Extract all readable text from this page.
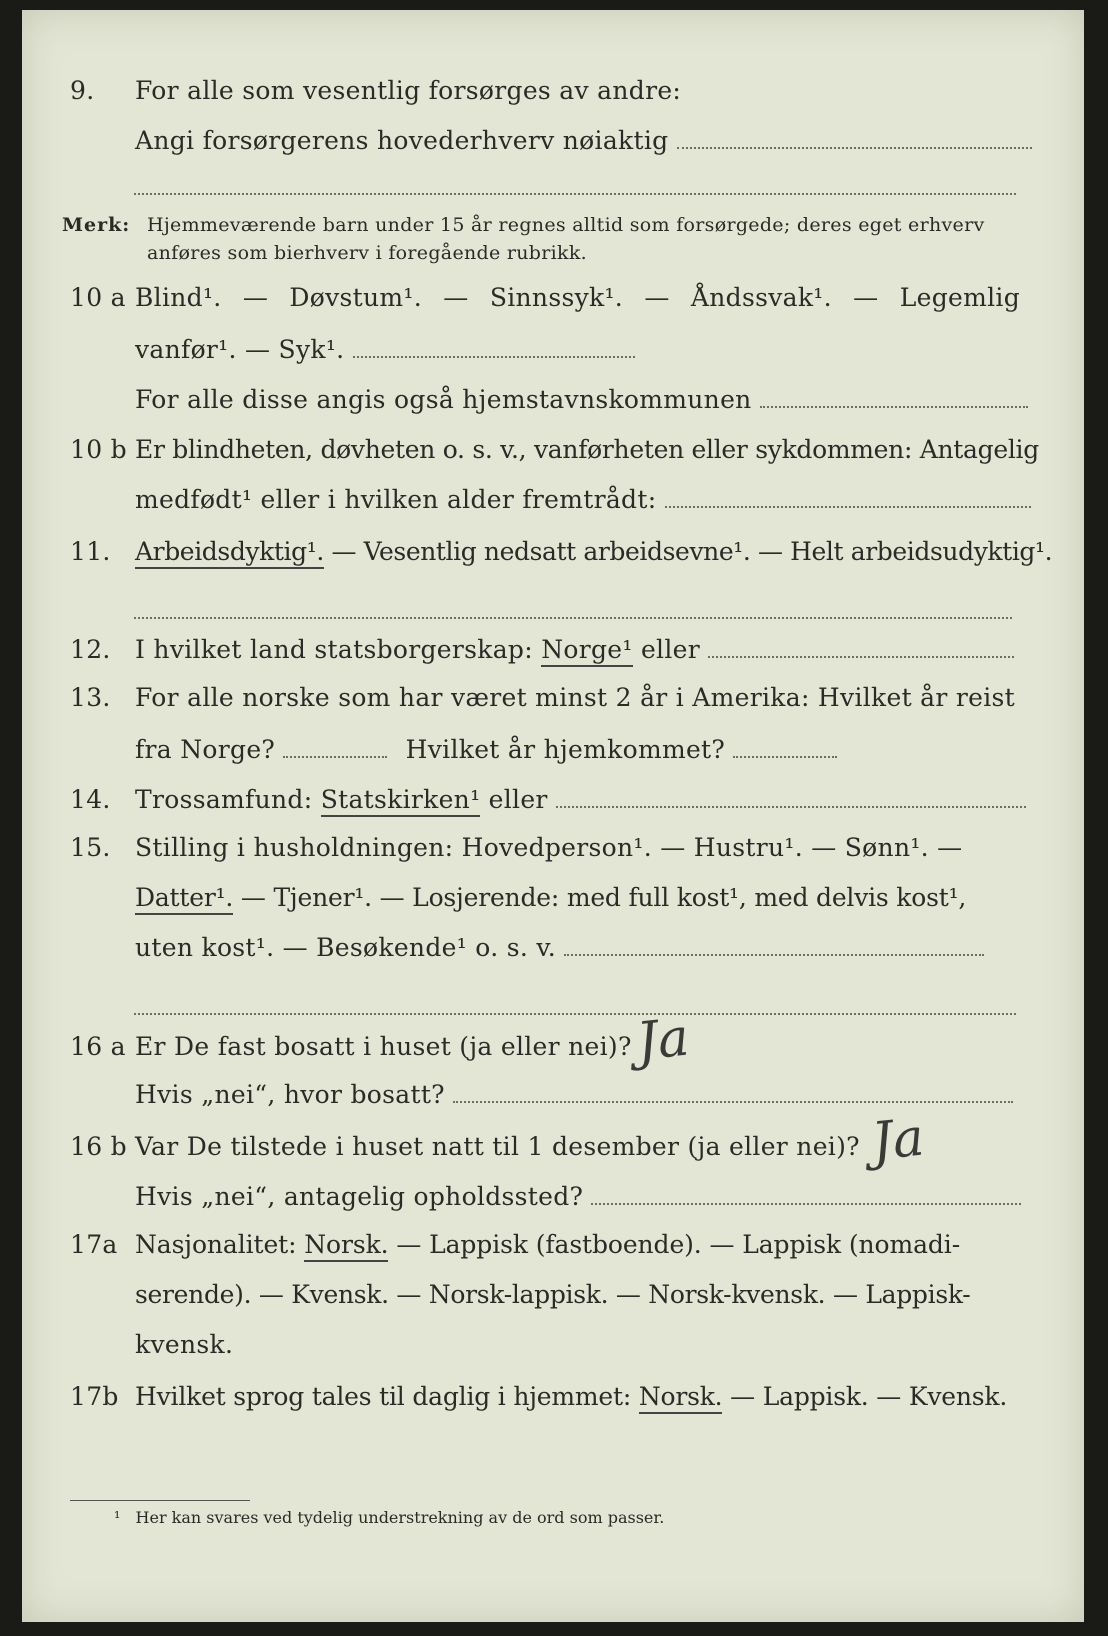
9. For alle som vesentlig forsørges av andre:
Angi forsørgerens hovederhverv nøiaktig
Merk: Hjemmeværende barn under 15 år regnes alltid som forsørgede; deres eget erhverv
anføres som bierhverv i foregående rubrikk.
10 a Blind¹. — Døvstum¹. — Sinnssyk¹. — Åndssvak¹. — Legemlig
vanfør¹. — Syk¹.
For alle disse angis også hjemstavnskommunen
10 b Er blindheten, døvheten o. s. v., vanførheten eller sykdommen: Antagelig
medfødt¹ eller i hvilken alder fremtrådt:
11. Arbeidsdyktig¹. — Vesentlig nedsatt arbeidsevne¹. — Helt arbeidsudyktig¹.
12. I hvilket land statsborgerskap: Norge¹ eller
13. For alle norske som har været minst 2 år i Amerika: Hvilket år reist
fra Norge?	Hvilket år hjemkommet?
14. Trossamfund: Statskirken¹ eller
15. Stilling i husholdningen: Hovedperson¹. — Hustru¹. — Sønn¹. —
Datter¹. — Tjener¹. — Losjerende: med full kost¹, med delvis kost¹,
uten kost¹. — Besøkende¹ o. s. v.
16 a Er De fast bosatt i huset (ja eller nei)? Ja
Hvis „nei“, hvor bosatt?
16 b Var De tilstede i huset natt til 1 desember (ja eller nei)? Ja
Hvis „nei“, antagelig opholdssted?
17a Nasjonalitet: Norsk. — Lappisk (fastboende). — Lappisk (nomadi-
serende). — Kvensk. — Norsk-lappisk. — Norsk-kvensk. — Lappisk-
kvensk.
17b Hvilket sprog tales til daglig i hjemmet: Norsk. — Lappisk. — Kvensk.
¹ Her kan svares ved tydelig understrekning av de ord som passer.
